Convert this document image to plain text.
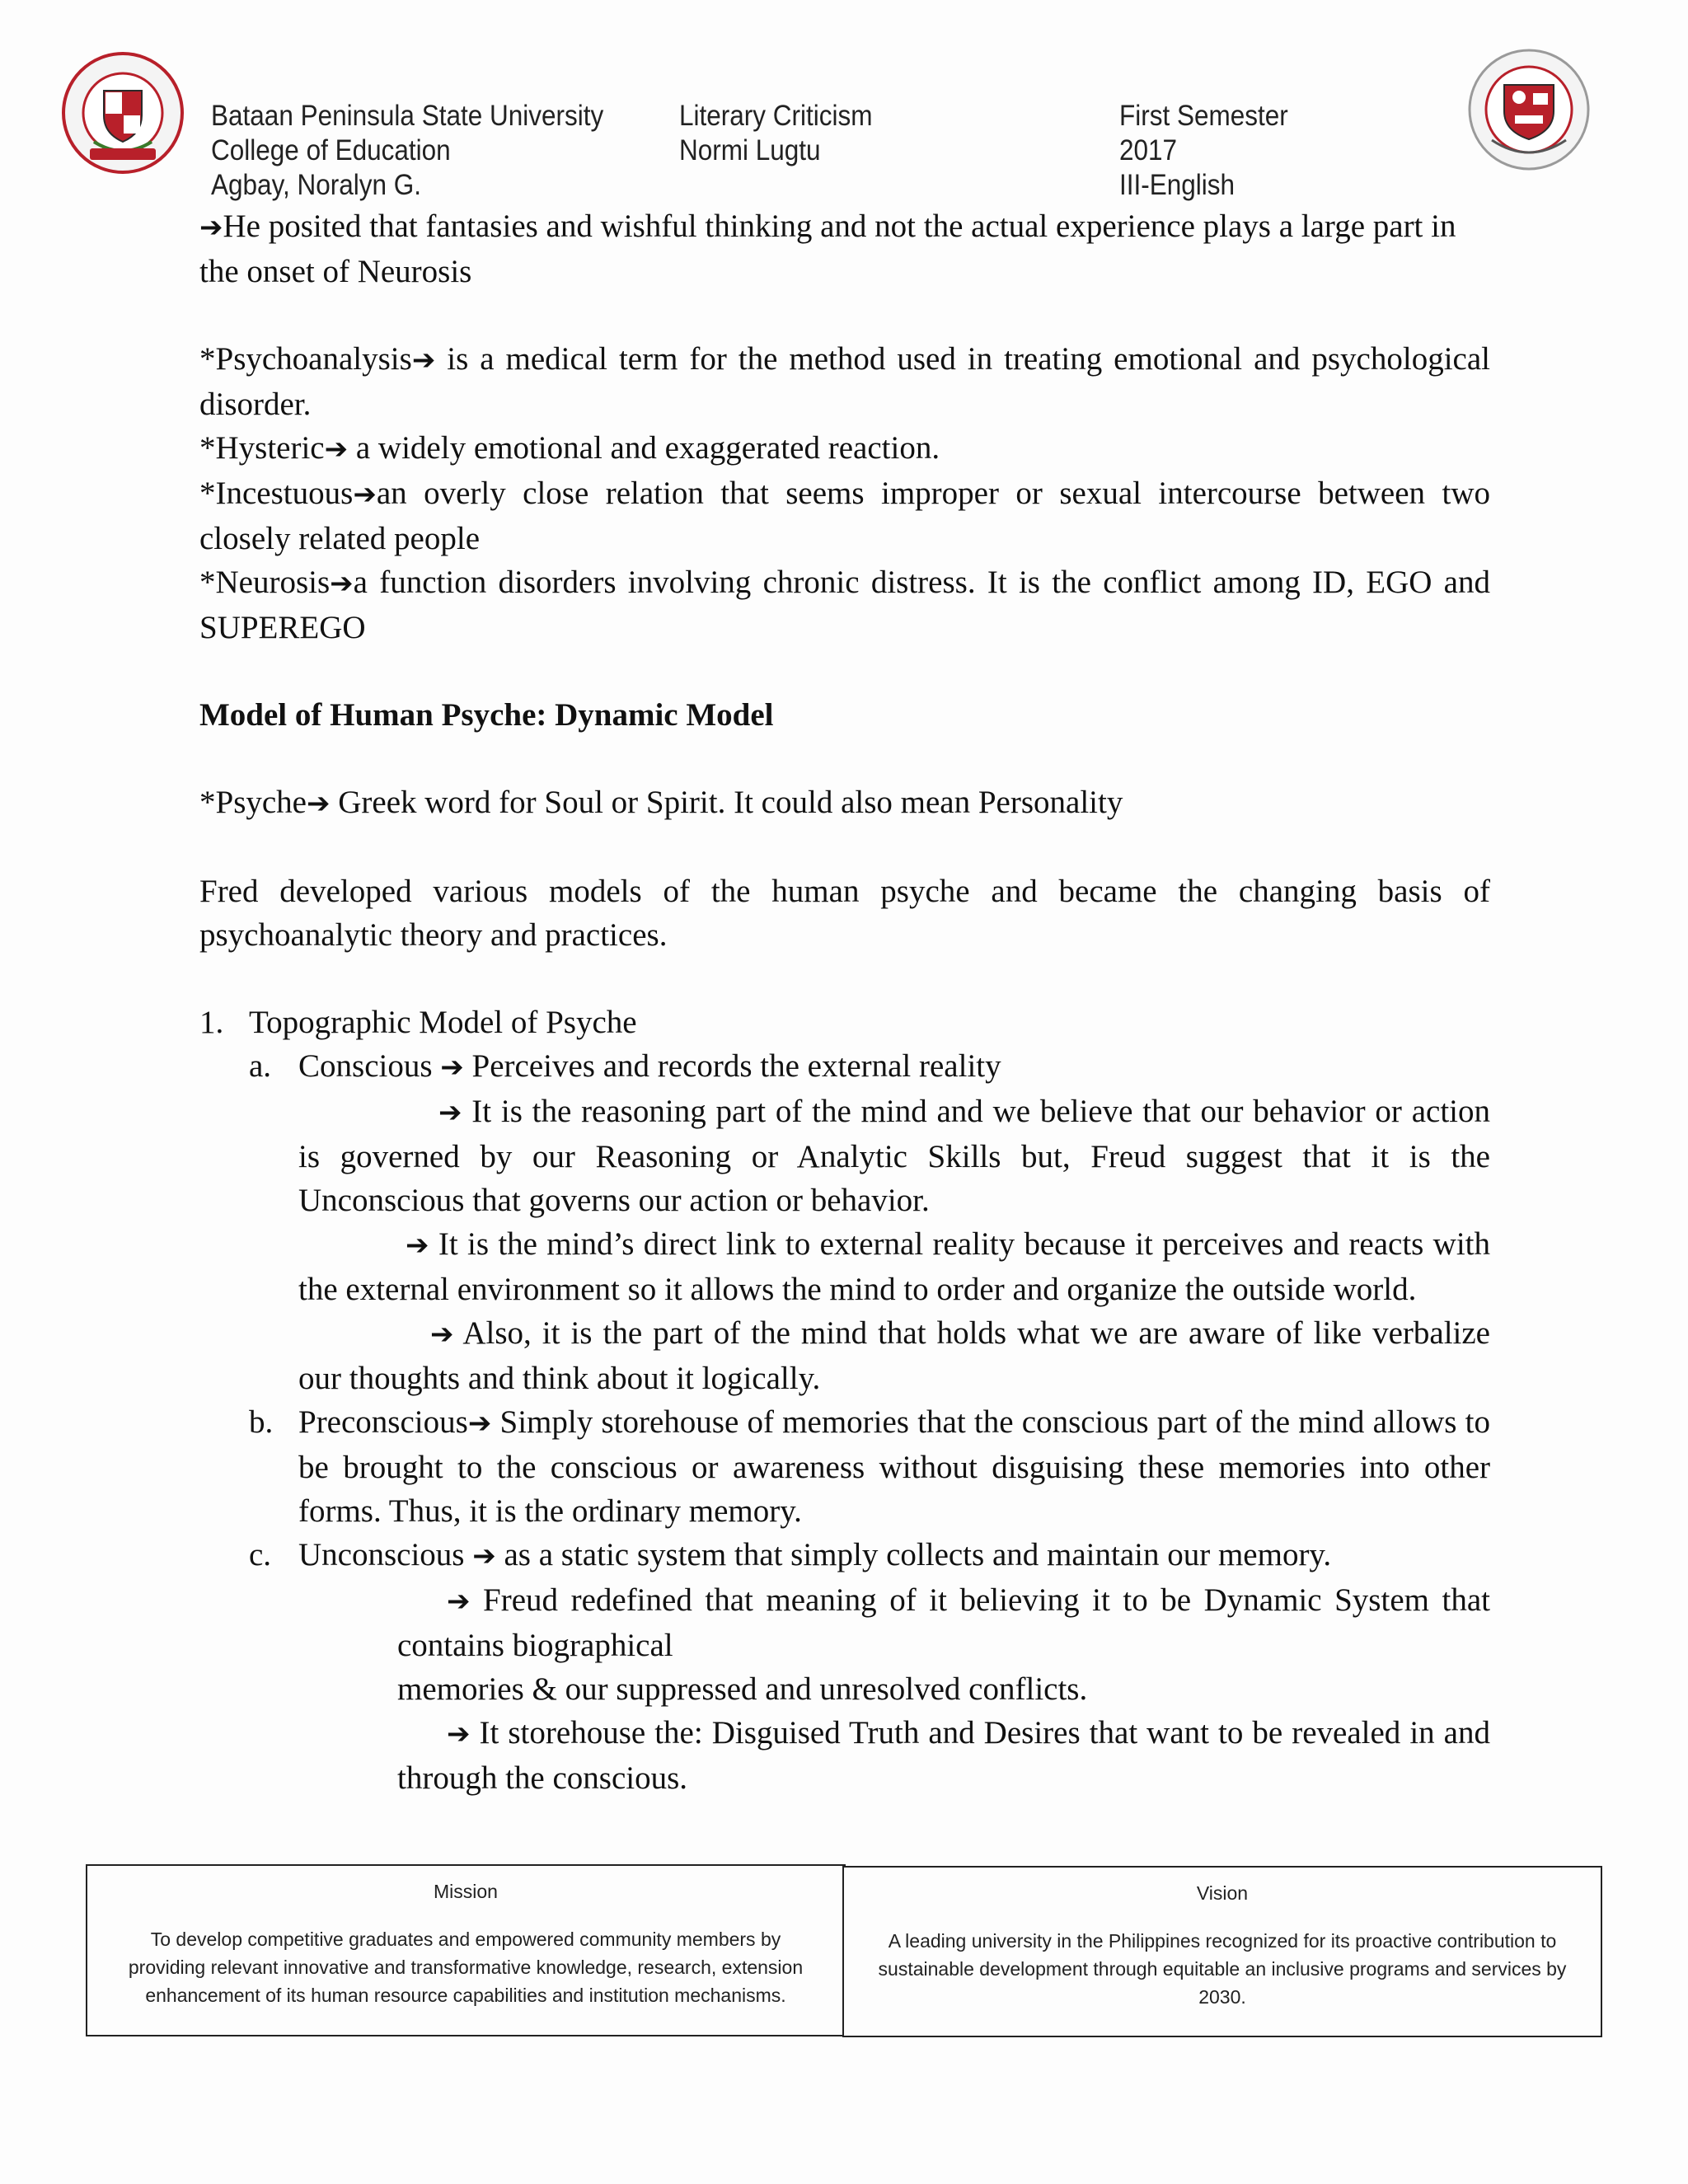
Bataan Peninsula State University
College of Education
Agbay, Noralyn G.
Literary Criticism
Normi Lugtu
First Semester
2017
III-English

➔He posited that fantasies and wishful thinking and not the actual experience plays a large part in the onset of Neurosis

*Psychoanalysis➔ is a medical term for the method used in treating emotional and psychological disorder.

*Hysteric➔ a widely emotional and exaggerated reaction.

*Incestuous➔an overly close relation that seems improper or sexual intercourse between two closely related people

*Neurosis➔a function disorders involving chronic distress. It is the conflict among ID, EGO and SUPEREGO

Model of Human Psyche: Dynamic Model

*Psyche➔ Greek word for Soul or Spirit. It could also mean Personality

Fred developed various models of the human psyche and became the changing basis of psychoanalytic theory and practices.

1. Topographic Model of Psyche

a. Conscious ➔ Perceives and records the external reality

➔ It is the reasoning part of the mind and we believe that our behavior or action is governed by our Reasoning or Analytic Skills but, Freud suggest that it is the Unconscious that governs our action or behavior.

➔ It is the mind’s direct link to external reality because it perceives and reacts with the external environment so it allows the mind to order and organize the outside world.

➔ Also, it is the part of the mind that holds what we are aware of like verbalize our thoughts and think about it logically.

b. Preconscious➔ Simply storehouse of memories that the conscious part of the mind allows to be brought to the conscious or awareness without disguising these memories into other forms. Thus, it is the ordinary memory.

c. Unconscious ➔ as a static system that simply collects and maintain our memory.

➔ Freud redefined that meaning of it believing it to be Dynamic System that contains biographical

memories & our suppressed and unresolved conflicts.

➔ It storehouse the: Disguised Truth and Desires that want to be revealed in and through the conscious.

Mission
To develop competitive graduates and empowered community members by providing relevant innovative and transformative knowledge, research, extension enhancement of its human resource capabilities and institution mechanisms.
Vision
A leading university in the Philippines recognized for its proactive contribution to sustainable development through equitable an inclusive programs and services by 2030.
